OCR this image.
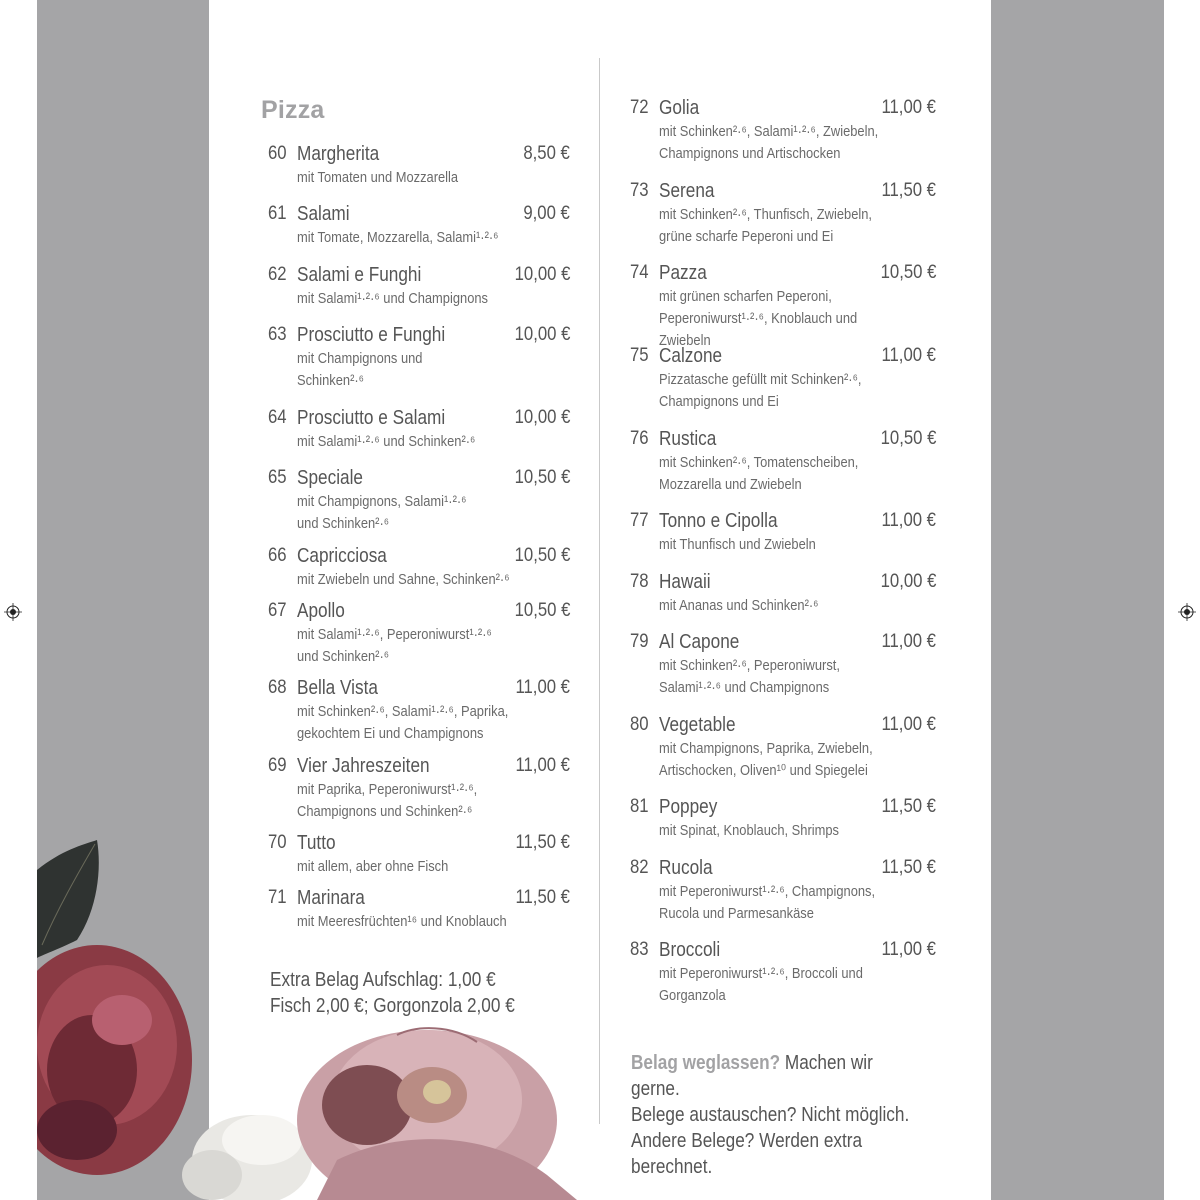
Pizza
60 Margherita	8,50 €
mit Tomaten und Mozzarella
61 Salami	9,00 €
mit Tomate, Mozzarella, Salami¹·²·⁶
62 Salami e Funghi	10,00 €
mit Salami¹·²·⁶ und Champignons
63 Prosciutto e Funghi	10,00 €
mit Champignons und
Schinken²·⁶
64 Prosciutto e Salami	10,00 €
mit Salami¹·²·⁶ und Schinken²·⁶
65 Speciale	10,50 €
mit Champignons, Salami¹·²·⁶
und Schinken²·⁶
66 Capricciosa	10,50 €
mit Zwiebeln und Sahne, Schinken²·⁶
67 Apollo	10,50 €
mit Salami¹·²·⁶, Peperoniwurst¹·²·⁶
und Schinken²·⁶
68 Bella Vista	11,00 €
mit Schinken²·⁶, Salami¹·²·⁶, Paprika,
gekochtem Ei und Champignons
69 Vier Jahreszeiten	11,00 €
mit Paprika, Peperoniwurst¹·²·⁶,
Champignons und Schinken²·⁶
70 Tutto	11,50 €
mit allem, aber ohne Fisch
71 Marinara	11,50 €
mit Meeresfrüchten¹⁶ und Knoblauch
Extra Belag Aufschlag: 1,00 €
Fisch 2,00 €; Gorgonzola 2,00 €
72 Golia	11,00 €
mit Schinken²·⁶, Salami¹·²·⁶, Zwiebeln,
Champignons und Artischocken
73 Serena	11,50 €
mit Schinken²·⁶, Thunfisch, Zwiebeln,
grüne scharfe Peperoni und Ei
74 Pazza	10,50 €
mit grünen scharfen Peperoni,
Peperoniwurst¹·²·⁶, Knoblauch und Zwiebeln
75 Calzone	11,00 €
Pizzatasche gefüllt mit Schinken²·⁶,
Champignons und Ei
76 Rustica	10,50 €
mit Schinken²·⁶, Tomatenscheiben,
Mozzarella und Zwiebeln
77 Tonno e Cipolla	11,00 €
mit Thunfisch und Zwiebeln
78 Hawaii	10,00 €
mit Ananas und Schinken²·⁶
79 Al Capone	11,00 €
mit Schinken²·⁶, Peperoniwurst,
Salami¹·²·⁶ und Champignons
80 Vegetable	11,00 €
mit Champignons, Paprika, Zwiebeln,
Artischocken, Oliven¹⁰ und Spiegelei
81 Poppey	11,50 €
mit Spinat, Knoblauch, Shrimps
82 Rucola	11,50 €
mit Peperoniwurst¹·²·⁶, Champignons,
Rucola und Parmesankäse
83 Broccoli	11,00 €
mit Peperoniwurst¹·²·⁶, Broccoli und
Gorganzola
Belag weglassen? Machen wir gerne.
Belege austauschen? Nicht möglich.
Andere Belege? Werden extra berechnet.
